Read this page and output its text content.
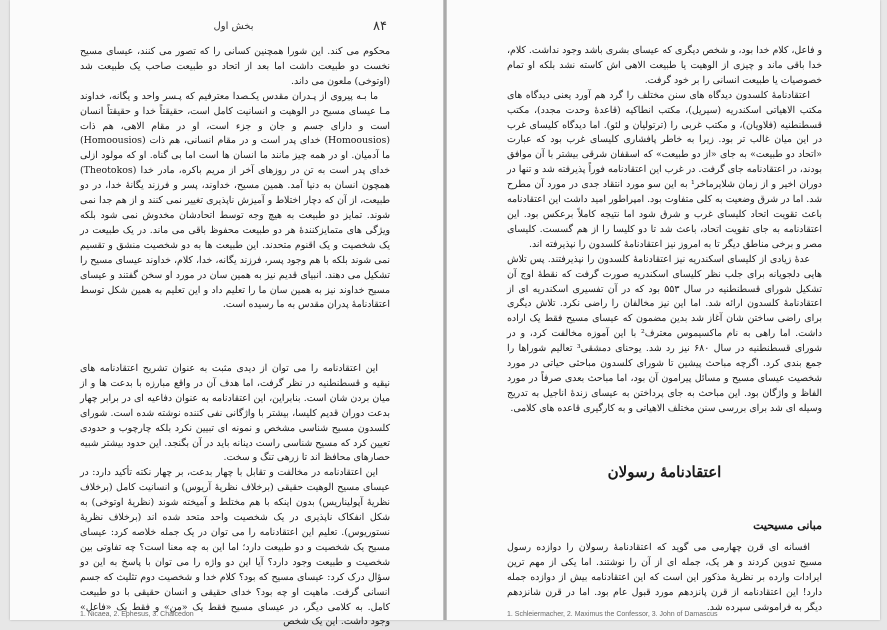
بخش اول	۸۴

محکوم می کند. این شورا همچنین کسانی را که تصور می کنند، عیسای مسیح نخست دو طبیعت داشت اما بعد از اتحاد دو طبیعت صاحب یک طبیعت شد (اوتوخی) ملعون می داند.

ما بـه پیروی از پـدران مقدس یکـصدا معترفیم که پـسر واحد و یگانه، خداوند مـا عیسای مسیح در الوهیت و انسانیت کامل است، حقیقتاً خدا و حقیقتاً انسان است و دارای جسم و جان و جزء است، او در مقام الاهی، هم ذات (Homoousios) خدای پدر است و در مقام انسانی، هم ذات (Homoousios) ما آدمیان. او در همه چیز مانند ما انسان ها است اما بی گناه. او که مولود ازلی خدای پدر است به تن در روزهای آخر از مریم باکره، مادر خدا (Theotokos) همچون انسان به دنیا آمد. همین مسیح، خداوند، پسر و فرزند یگانهٔ خدا، در دو طبیعت، از آن که دچار اختلاط و آمیزش ناپذیری تغییر نمی کنند و از هم جدا نمی شوند. تمایز دو طبیعت به هیچ وجه توسط اتحادشان مخدوش نمی شود بلکه ویژگی های متمایزکنندهٔ هر دو طبیعت محفوظ باقی می ماند. در یک طبیعت در یک شخصیت و یک اقنوم متحدند. این طبیعت ها به دو شخصیت منشق و تقسیم نمی شوند بلکه با هم وجود پسر، فرزند یگانه، خدا، کلام، خداوند عیسای مسیح را تشکیل می دهند. انبیای قدیم نیز به همین سان در مورد او سخن گفتند و عیسای مسیح خداوند نیز به همین سان ما را تعلیم داد و این تعلیم به همین شکل توسط اعتقادنامهٔ پدران مقدس به ما رسیده است.

این اعتقادنامه را می توان از دیدی مثبت به عنوان تشریح اعتقادنامه های نیقیه و قسطنطنیه در نظر گرفت، اما هدف آن در واقع مبارزه با بدعت ها و از میان بردن شان است. بنابراین، این اعتقادنامه به عنوان دفاعیه ای در برابر چهار بدعت دوران قدیم کلیسا، بیشتر با واژگانی نفی کننده نوشته شده است. شورای کلسدون مسیح شناسی مشخص و نمونه ای تبیین نکرد بلکه چارچوب و حدودی تعیین کرد که مسیح شناسی راست دینانه باید در آن بگنجد. این حدود بیشتر شبیه حصارهای محافظ اند تا زرهی تنگ و سخت.

این اعتقادنامه در مخالفت و تقابل با چهار بدعت، بر چهار نکته تأکید دارد: در عیسای مسیح الوهیت حقیقی (برخلاف نظریهٔ آریوس) و انسانیت کامل (برخلاف نظریهٔ آپولیناریس) بدون اینکه با هم مختلط و آمیخته شوند (نظریهٔ اوتوخی) به شکل انفکاک ناپذیری در یک شخصیت واحد متحد شده اند (برخلاف نظریهٔ نستوریوس). تعلیم این اعتقادنامه را می توان در یک جمله خلاصه کرد: عیسای مسیح یک شخصیت و دو طبیعت دارد؛ اما این به چه معنا است؟ چه تفاوتی بین شخصیت و طبیعت وجود دارد؟ آیا این دو واژه را می توان با پاسخ به این دو سؤال درک کرد: عیسای مسیح که بود؟ کلام خدا و شخصیت دوم تثلیث که جسم انسانی گرفت. ماهیت او چه بود؟ خدای حقیقی و انسان حقیقی با دو طبیعت کامل. به کلامی دیگر، در عیسای مسیح فقط یک «من» و فقط یک «فاعل» وجود داشت. این یک شخص

1. Nicaea, 2. Ephesus, 3. Chalcedon

و فاعل، کلام خدا بود، و شخص دیگری که عیسای بشری باشد وجود نداشت. کلام، خدا باقی ماند و چیزی از الوهیت یا طبیعت الاهی اش کاسته نشد بلکه او تمام خصوصیات یا طبیعت انسانی را بر خود گرفت.

اعتقادنامهٔ کلسدون دیدگاه های سنن مختلف را گرد هم آورد یعنی دیدگاه های مکتب الاهیاتی اسکندریه (سیریل)، مکتب انطاکیه (قاعدهٔ وحدت مجدد)، مکتب قسطنطنیه (فلاویان)، و مکتب غربی را (ترتولیان و لئو). اما دیدگاه کلیسای غرب در این میان غالب تر بود. زیرا به خاطر پافشاری کلیسای غرب بود که عبارت «اتحاد دو طبیعت» به جای «از دو طبیعت» که اسقفان شرقی بیشتر با آن موافق بودند، در اعتقادنامه جای گرفت. در غرب این اعتقادنامه فوراً پذیرفته شد و تنها در دوران اخیر و از زمان شلایرماخر¹ به این سو مورد انتقاد جدی در مورد آن مطرح شد. اما در شرق وضعیت به کلی متفاوت بود. امپراطور امید داشت این اعتقادنامه باعث تقویت اتحاد کلیسای غرب و شرق شود اما نتیجه کاملاً برعکس بود. این اعتقادنامه به جای تقویت اتحاد، باعث شد تا دو کلیسا را از هم گسست. کلیسای مصر و برخی مناطق دیگر تا به امروز نیز اعتقادنامهٔ کلسدون را نپذیرفته اند.

عدهٔ زیادی از کلیسای اسکندریه نیز اعتقادنامهٔ کلسدون را نپذیرفتند. پس تلاش هایی دلجویانه برای جلب نظر کلیسای اسکندریه صورت گرفت که نقطهٔ اوج آن تشکیل شورای قسطنطنیه در سال ۵۵۳ بود که در آن تفسیری اسکندریه ای از اعتقادنامهٔ کلسدون ارائه شد. اما این نیز مخالفان را راضی نکرد. تلاش دیگری برای راضی ساختن شان آغاز شد بدین مضمون که عیسای مسیح فقط یک اراده داشت. اما راهی به نام ماکسیموس معترف² با این آموزه مخالفت کرد، و در شورای قسطنطنیه در سال ۶۸۰ نیز رد شد. یوحنای دمشقی³ تعالیم شوراها را جمع بندی کرد. اگرچه مباحث پیشین تا شورای کلسدون مباحثی حیاتی در مورد شخصیت عیسای مسیح و مسائل پیرامون آن بود، اما مباحث بعدی صرفاً در مورد الفاظ و واژگان بود. این مباحث به جای پرداختن به عیسای زندهٔ اناجیل به تدریج وسیله ای شد برای بررسی سنن مختلف الاهیاتی و به کارگیری قاعده های کلامی.

اعتقادنامهٔ رسولان
مبانی مسیحیت

افسانه ای قرن چهارمی می گوید که اعتقادنامهٔ رسولان را دوازده رسول مسیح تدوین کردند و هر یک، جمله ای از آن را نوشتند. اما یکی از مهم ترین ایرادات وارده بر نظریهٔ مذکور این است که این اعتقادنامه بیش از دوازده جمله دارد! این اعتقادنامه از قرن پانزدهم مورد قبول عام بود. اما در قرن شانزدهم دیگر به فراموشی سپرده شد.

1. Schleiermacher, 2. Maximus the Confessor, 3. John of Damascus
